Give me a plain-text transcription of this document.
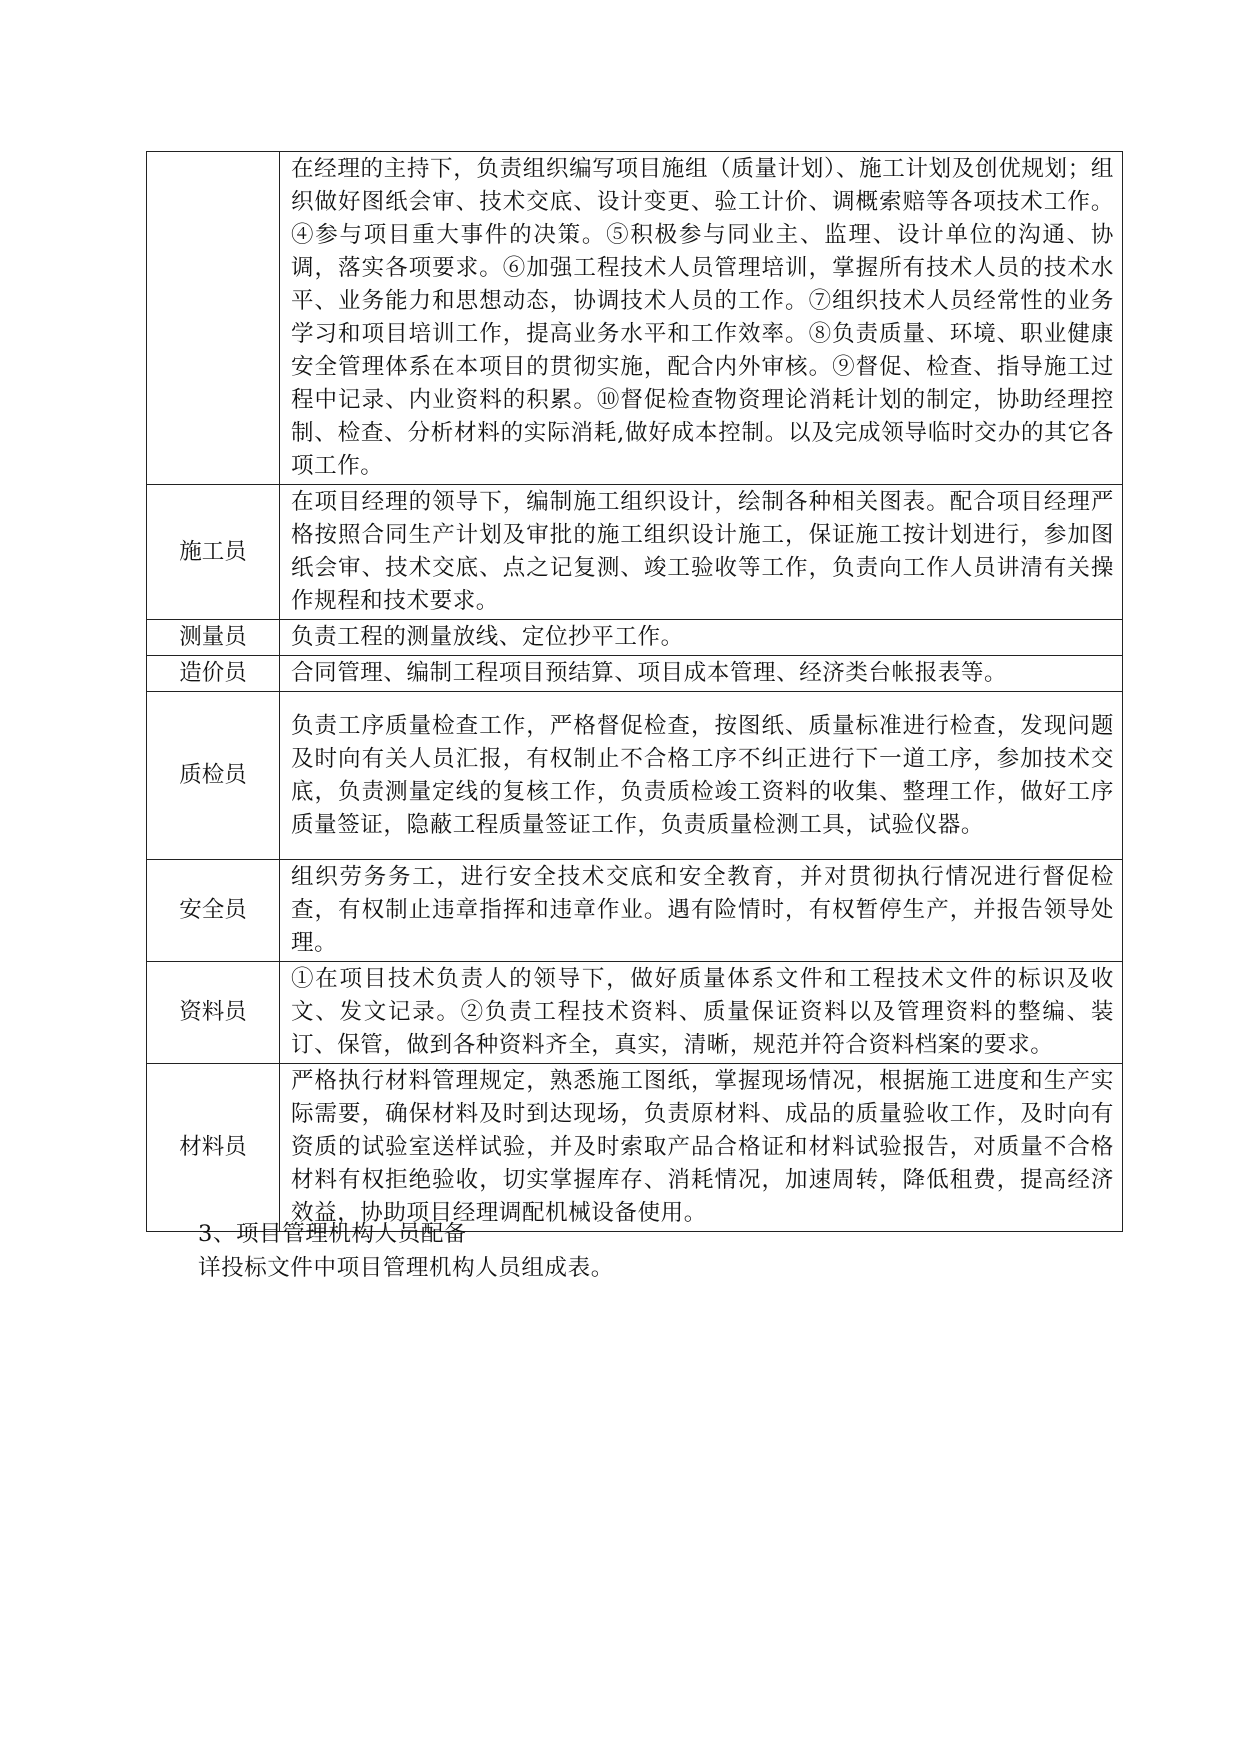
	在经理的主持下，负责组织编写项目施组（质量计划）、施工计划及创优规划；组织做好图纸会审、技术交底、设计变更、验工计价、调概索赔等各项技术工作。④参与项目重大事件的决策。⑤积极参与同业主、监理、设计单位的沟通、协调，落实各项要求。⑥加强工程技术人员管理培训，掌握所有技术人员的技术水平、业务能力和思想动态，协调技术人员的工作。⑦组织技术人员经常性的业务学习和项目培训工作，提高业务水平和工作效率。⑧负责质量、环境、职业健康安全管理体系在本项目的贯彻实施，配合内外审核。⑨督促、检查、指导施工过程中记录、内业资料的积累。⑩督促检查物资理论消耗计划的制定，协助经理控制、检查、分析材料的实际消耗,做好成本控制。以及完成领导临时交办的其它各项工作。
施工员	在项目经理的领导下，编制施工组织设计，绘制各种相关图表。配合项目经理严格按照合同生产计划及审批的施工组织设计施工，保证施工按计划进行，参加图纸会审、技术交底、点之记复测、竣工验收等工作，负责向工作人员讲清有关操作规程和技术要求。
测量员	负责工程的测量放线、定位抄平工作。
造价员	合同管理、编制工程项目预结算、项目成本管理、经济类台帐报表等。
质检员	负责工序质量检查工作，严格督促检查，按图纸、质量标准进行检查，发现问题及时向有关人员汇报，有权制止不合格工序不纠正进行下一道工序，参加技术交底，负责测量定线的复核工作，负责质检竣工资料的收集、整理工作，做好工序质量签证，隐蔽工程质量签证工作，负责质量检测工具，试验仪器。
安全员	组织劳务务工，进行安全技术交底和安全教育，并对贯彻执行情况进行督促检查，有权制止违章指挥和违章作业。遇有险情时，有权暂停生产，并报告领导处理。
资料员	①在项目技术负责人的领导下，做好质量体系文件和工程技术文件的标识及收文、发文记录。②负责工程技术资料、质量保证资料以及管理资料的整编、装订、保管，做到各种资料齐全，真实，清晰，规范并符合资料档案的要求。
材料员	严格执行材料管理规定，熟悉施工图纸，掌握现场情况，根据施工进度和生产实际需要，确保材料及时到达现场，负责原材料、成品的质量验收工作，及时向有资质的试验室送样试验，并及时索取产品合格证和材料试验报告，对质量不合格材料有权拒绝验收，切实掌握库存、消耗情况，加速周转，降低租费，提高经济效益，协助项目经理调配机械设备使用。
3、项目管理机构人员配备
详投标文件中项目管理机构人员组成表。
